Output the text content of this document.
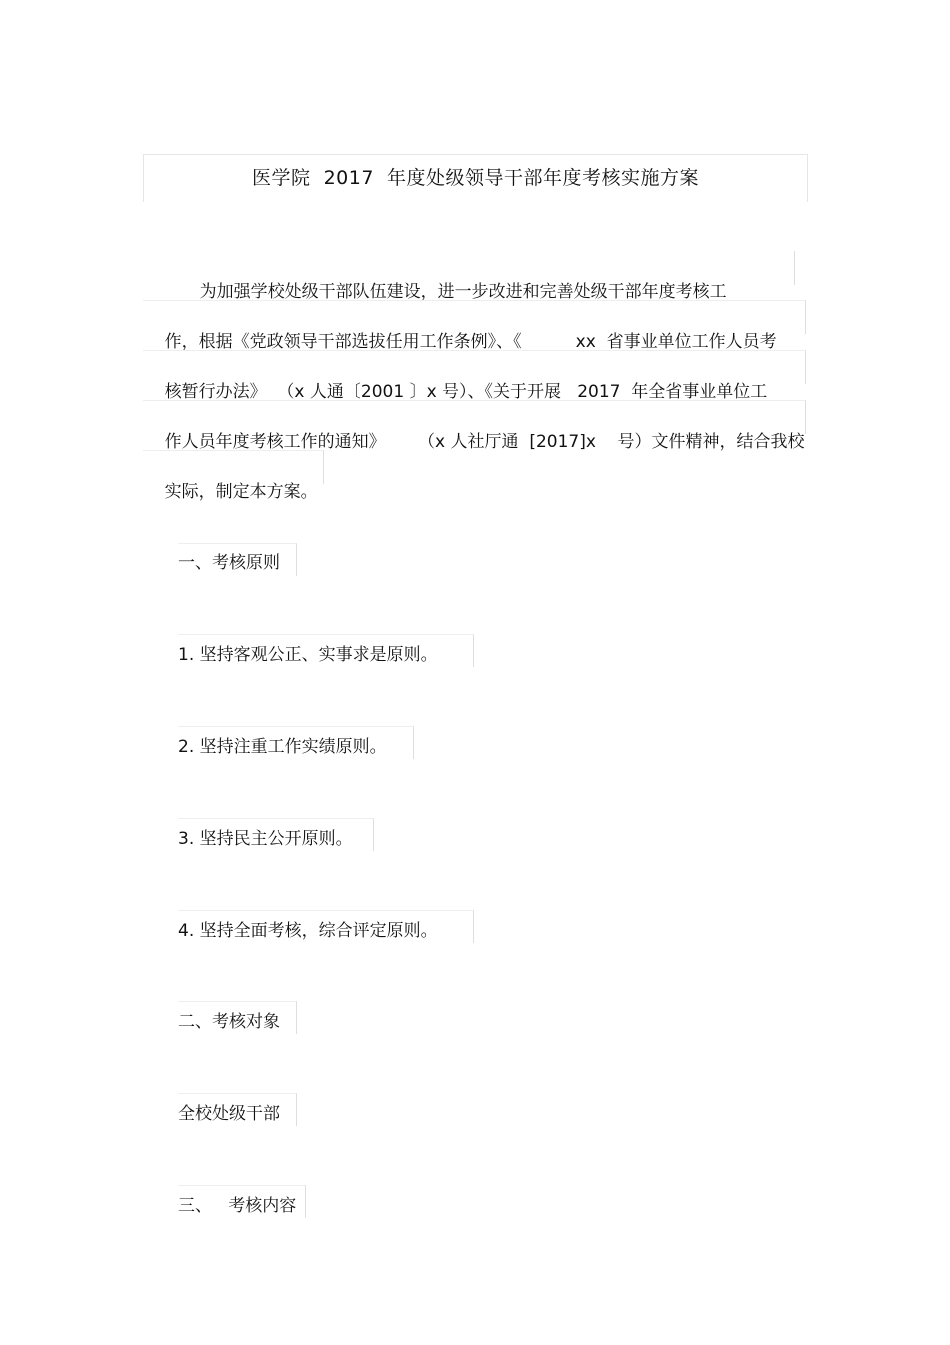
医学院  2017  年度处级领导干部年度考核实施方案

为加强学校处级干部队伍建设，进一步改进和完善处级干部年度考核工

作，根据《党政领导干部选拔任用工作条例》、《          xx  省事业单位工作人员考

核暂行办法》  （x 人通〔2001 〕x 号）、《关于开展   2017  年全省事业单位工

作人员年度考核工作的通知》      （x 人社厅通  [2017]x    号）文件精神，结合我校

实际，制定本方案。

一、考核原则
1. 坚持客观公正、实事求是原则。
2. 坚持注重工作实绩原则。
3. 坚持民主公开原则。
4. 坚持全面考核，综合评定原则。
二、考核对象
全校处级干部
三、   考核内容
